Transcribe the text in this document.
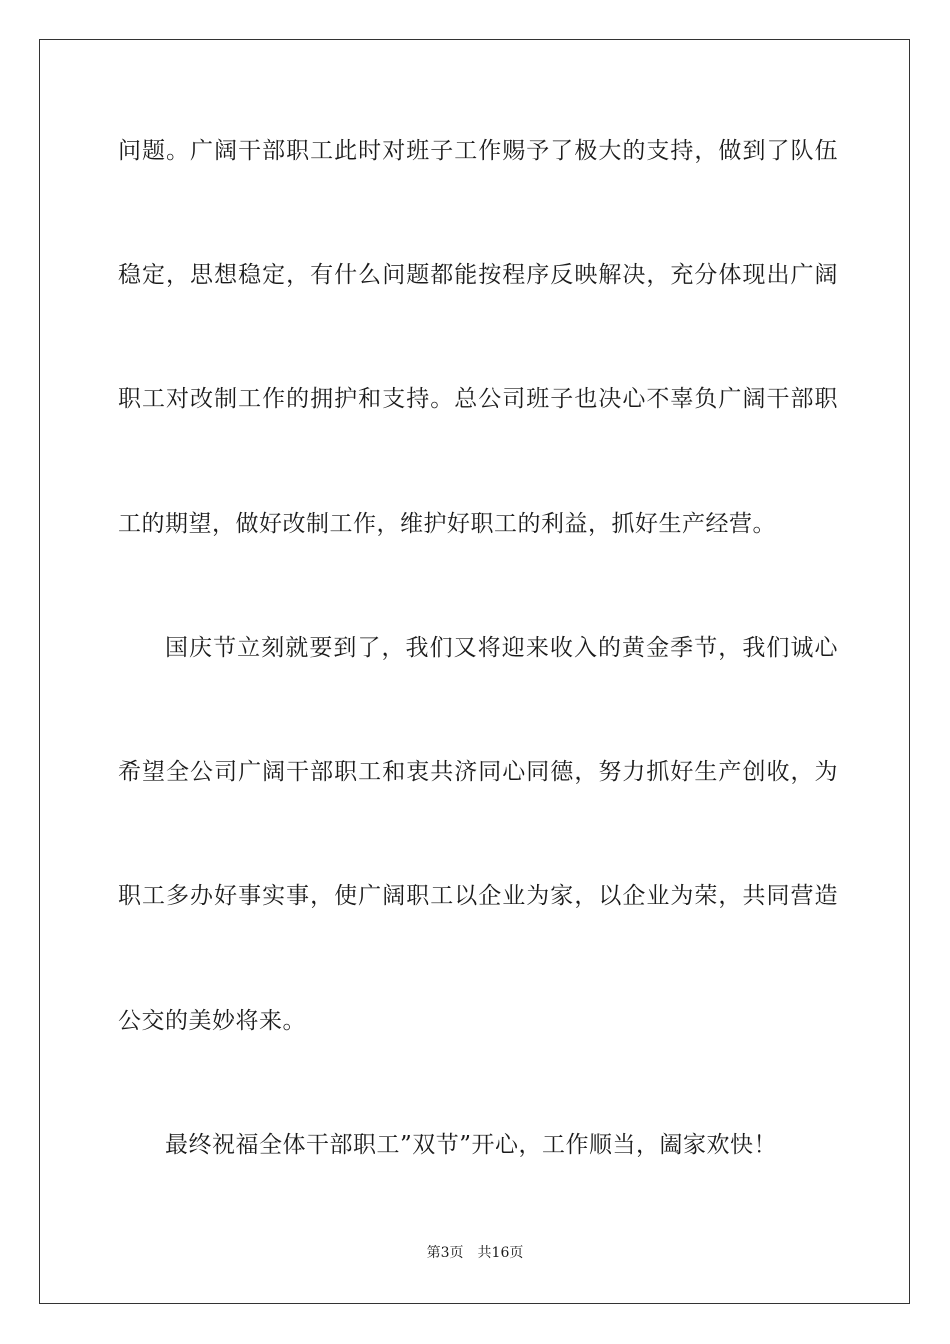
问题。广阔干部职工此时对班子工作赐予了极大的支持，做到了队伍
稳定，思想稳定，有什么问题都能按程序反映解决，充分体现出广阔
职工对改制工作的拥护和支持。总公司班子也决心不辜负广阔干部职
工的期望，做好改制工作，维护好职工的利益，抓好生产经营。
国庆节立刻就要到了，我们又将迎来收入的黄金季节，我们诚心
希望全公司广阔干部职工和衷共济同心同德，努力抓好生产创收，为
职工多办好事实事，使广阔职工以企业为家，以企业为荣，共同营造
公交的美妙将来。
最终祝福全体干部职工”双节”开心，工作顺当，阖家欢快！
第3页 共16页
